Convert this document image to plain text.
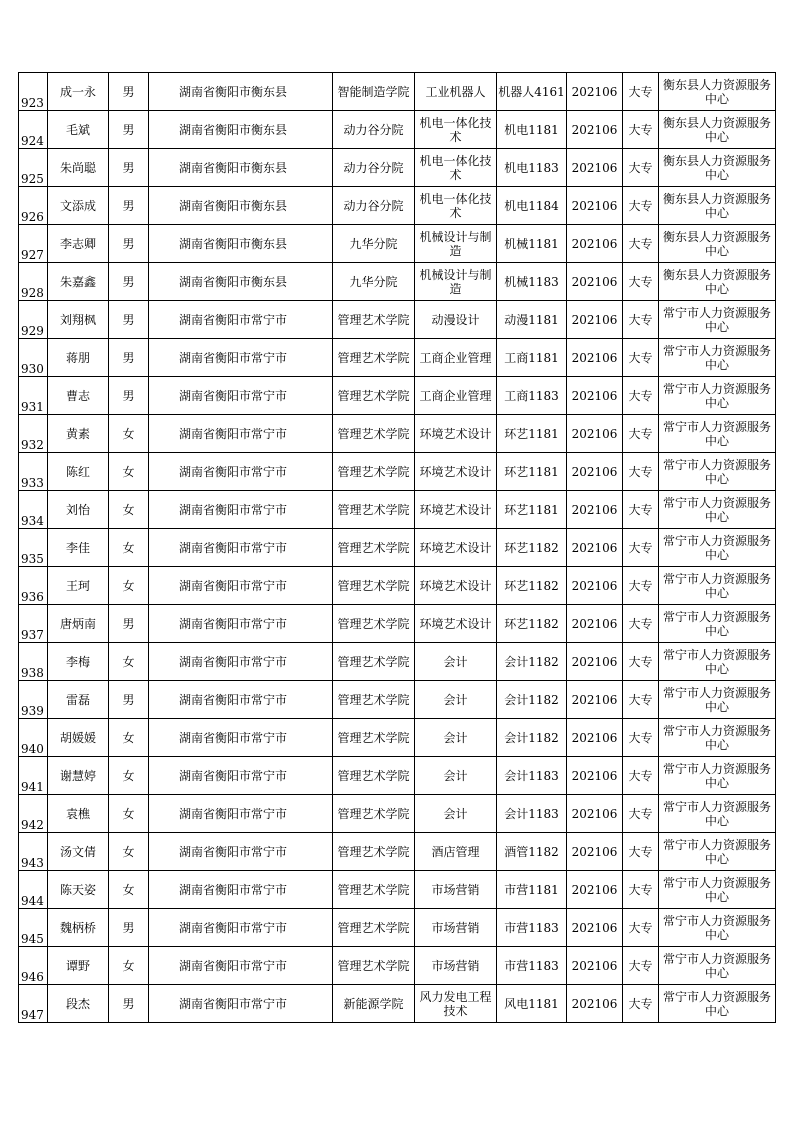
923	成一永	男	湖南省衡阳市衡东县	智能制造学院	工业机器人	机器人4161	202106	大专	衡东县人力资源服务中心
924	毛斌	男	湖南省衡阳市衡东县	动力谷分院	机电一体化技术	机电1181	202106	大专	衡东县人力资源服务中心
925	朱尚聪	男	湖南省衡阳市衡东县	动力谷分院	机电一体化技术	机电1183	202106	大专	衡东县人力资源服务中心
926	文添成	男	湖南省衡阳市衡东县	动力谷分院	机电一体化技术	机电1184	202106	大专	衡东县人力资源服务中心
927	李志卿	男	湖南省衡阳市衡东县	九华分院	机械设计与制造	机械1181	202106	大专	衡东县人力资源服务中心
928	朱嘉鑫	男	湖南省衡阳市衡东县	九华分院	机械设计与制造	机械1183	202106	大专	衡东县人力资源服务中心
929	刘翔枫	男	湖南省衡阳市常宁市	管理艺术学院	动漫设计	动漫1181	202106	大专	常宁市人力资源服务中心
930	蒋朋	男	湖南省衡阳市常宁市	管理艺术学院	工商企业管理	工商1181	202106	大专	常宁市人力资源服务中心
931	曹志	男	湖南省衡阳市常宁市	管理艺术学院	工商企业管理	工商1183	202106	大专	常宁市人力资源服务中心
932	黄素	女	湖南省衡阳市常宁市	管理艺术学院	环境艺术设计	环艺1181	202106	大专	常宁市人力资源服务中心
933	陈红	女	湖南省衡阳市常宁市	管理艺术学院	环境艺术设计	环艺1181	202106	大专	常宁市人力资源服务中心
934	刘怡	女	湖南省衡阳市常宁市	管理艺术学院	环境艺术设计	环艺1181	202106	大专	常宁市人力资源服务中心
935	李佳	女	湖南省衡阳市常宁市	管理艺术学院	环境艺术设计	环艺1182	202106	大专	常宁市人力资源服务中心
936	王珂	女	湖南省衡阳市常宁市	管理艺术学院	环境艺术设计	环艺1182	202106	大专	常宁市人力资源服务中心
937	唐炳南	男	湖南省衡阳市常宁市	管理艺术学院	环境艺术设计	环艺1182	202106	大专	常宁市人力资源服务中心
938	李梅	女	湖南省衡阳市常宁市	管理艺术学院	会计	会计1182	202106	大专	常宁市人力资源服务中心
939	雷磊	男	湖南省衡阳市常宁市	管理艺术学院	会计	会计1182	202106	大专	常宁市人力资源服务中心
940	胡媛媛	女	湖南省衡阳市常宁市	管理艺术学院	会计	会计1182	202106	大专	常宁市人力资源服务中心
941	谢慧婷	女	湖南省衡阳市常宁市	管理艺术学院	会计	会计1183	202106	大专	常宁市人力资源服务中心
942	袁樵	女	湖南省衡阳市常宁市	管理艺术学院	会计	会计1183	202106	大专	常宁市人力资源服务中心
943	汤文倩	女	湖南省衡阳市常宁市	管理艺术学院	酒店管理	酒管1182	202106	大专	常宁市人力资源服务中心
944	陈天姿	女	湖南省衡阳市常宁市	管理艺术学院	市场营销	市营1181	202106	大专	常宁市人力资源服务中心
945	魏柄桥	男	湖南省衡阳市常宁市	管理艺术学院	市场营销	市营1183	202106	大专	常宁市人力资源服务中心
946	谭野	女	湖南省衡阳市常宁市	管理艺术学院	市场营销	市营1183	202106	大专	常宁市人力资源服务中心
947	段杰	男	湖南省衡阳市常宁市	新能源学院	风力发电工程技术	风电1181	202106	大专	常宁市人力资源服务中心
